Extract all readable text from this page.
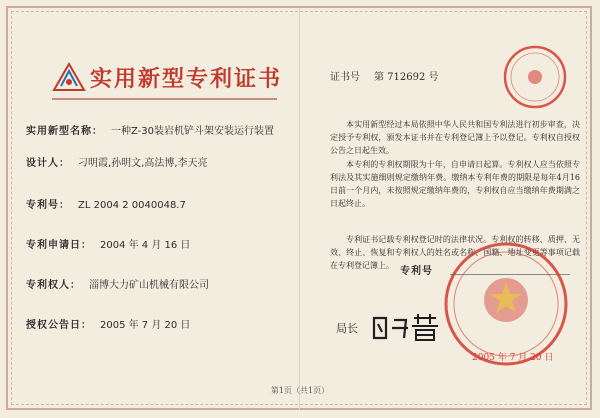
实用新型专利证书
实用新型名称： 一种Z-30装岩机铲斗架安装运行装置
设计人： 刁明霞,孙明文,高法博,李天亮
专利号： ZL 2004 2 0040048.7
专利申请日： 2004 年 4 月 16 日
专利权人： 淄博大力矿山机械有限公司
授权公告日： 2005 年 7 月 20 日
证书号 第 712692 号
本实用新型经过本局依照中华人民共和国专利法进行初步审查，决定授予专利权，颁发本证书并在专利登记簿上予以登记。专利权自授权公告之日起生效。
本专利的专利权期限为十年，自申请日起算。专利权人应当依照专利法及其实施细则规定缴纳年费。缴纳本专利年费的期限是每年4月16日前一个月内，未按照规定缴纳年费的，专利权自应当缴纳年费期满之日起终止。
专利证书记载专利权登记时的法律状况。专利权的转移、质押、无效、终止、恢复和专利权人的姓名或名称、国籍、地址变更等事项记载在专利登记簿上。
专利号
局长
2005 年 7 月 20 日
第1页（共1页）
